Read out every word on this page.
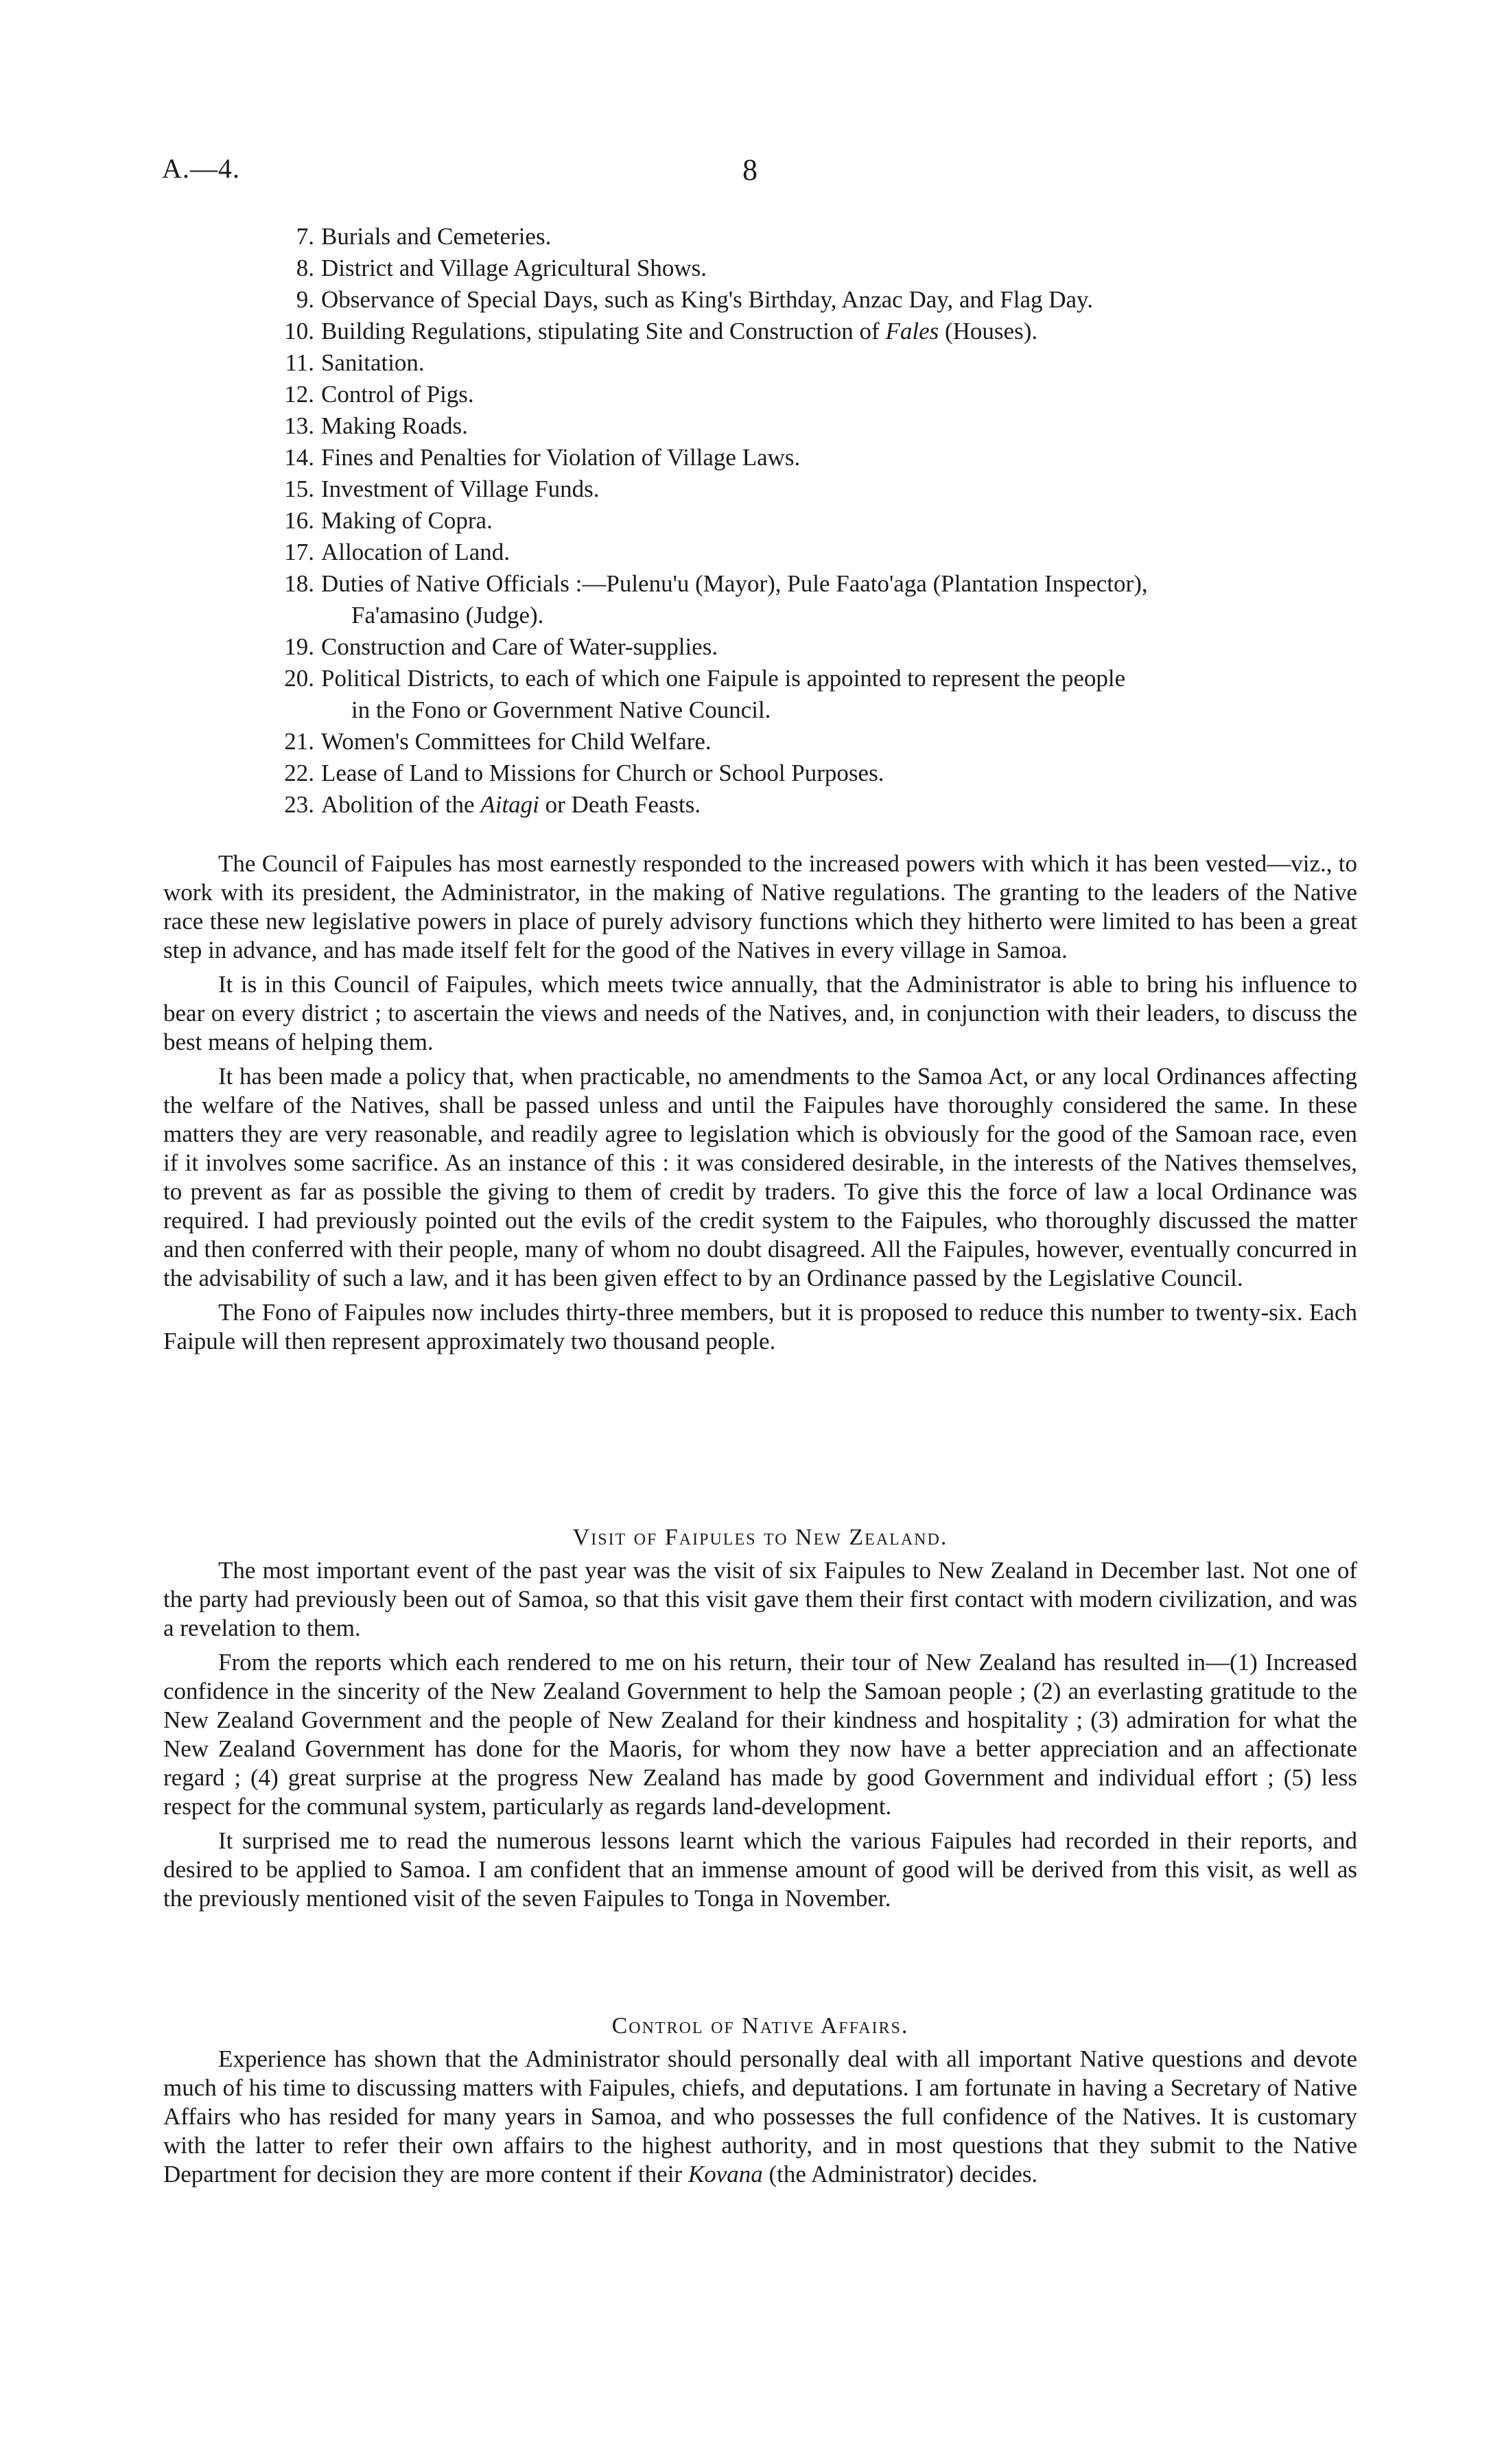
A.—4.	8
7. Burials and Cemeteries.
8. District and Village Agricultural Shows.
9. Observance of Special Days, such as King's Birthday, Anzac Day, and Flag Day.
10. Building Regulations, stipulating Site and Construction of Fales (Houses).
11. Sanitation.
12. Control of Pigs.
13. Making Roads.
14. Fines and Penalties for Violation of Village Laws.
15. Investment of Village Funds.
16. Making of Copra.
17. Allocation of Land.
18. Duties of Native Officials :—Pulenu'u (Mayor), Pule Faato'aga (Plantation Inspector),
Fa'amasino (Judge).
19. Construction and Care of Water-supplies.
20. Political Districts, to each of which one Faipule is appointed to represent the people
in the Fono or Government Native Council.
21. Women's Committees for Child Welfare.
22. Lease of Land to Missions for Church or School Purposes.
23. Abolition of the Aitagi or Death Feasts.

The Council of Faipules has most earnestly responded to the increased powers with which it has been vested—viz., to work with its president, the Administrator, in the making of Native regulations. The granting to the leaders of the Native race these new legislative powers in place of purely advisory functions which they hitherto were limited to has been a great step in advance, and has made itself felt for the good of the Natives in every village in Samoa.

It is in this Council of Faipules, which meets twice annually, that the Administrator is able to bring his influence to bear on every district ; to ascertain the views and needs of the Natives, and, in conjunction with their leaders, to discuss the best means of helping them.

It has been made a policy that, when practicable, no amendments to the Samoa Act, or any local Ordinances affecting the welfare of the Natives, shall be passed unless and until the Faipules have thoroughly considered the same. In these matters they are very reasonable, and readily agree to legislation which is obviously for the good of the Samoan race, even if it involves some sacrifice. As an instance of this : it was considered desirable, in the interests of the Natives themselves, to prevent as far as possible the giving to them of credit by traders. To give this the force of law a local Ordinance was required. I had previously pointed out the evils of the credit system to the Faipules, who thoroughly discussed the matter and then conferred with their people, many of whom no doubt disagreed. All the Faipules, however, eventually concurred in the advisability of such a law, and it has been given effect to by an Ordinance passed by the Legislative Council.

The Fono of Faipules now includes thirty-three members, but it is proposed to reduce this number to twenty-six. Each Faipule will then represent approximately two thousand people.

Visit of Faipules to New Zealand.

The most important event of the past year was the visit of six Faipules to New Zealand in December last. Not one of the party had previously been out of Samoa, so that this visit gave them their first contact with modern civilization, and was a revelation to them.

From the reports which each rendered to me on his return, their tour of New Zealand has resulted in—(1) Increased confidence in the sincerity of the New Zealand Government to help the Samoan people ; (2) an everlasting gratitude to the New Zealand Government and the people of New Zealand for their kindness and hospitality ; (3) admiration for what the New Zealand Government has done for the Maoris, for whom they now have a better appreciation and an affectionate regard ; (4) great surprise at the progress New Zealand has made by good Government and individual effort ; (5) less respect for the communal system, particularly as regards land-development.

It surprised me to read the numerous lessons learnt which the various Faipules had recorded in their reports, and desired to be applied to Samoa. I am confident that an immense amount of good will be derived from this visit, as well as the previously mentioned visit of the seven Faipules to Tonga in November.

Control of Native Affairs.

Experience has shown that the Administrator should personally deal with all important Native questions and devote much of his time to discussing matters with Faipules, chiefs, and deputations. I am fortunate in having a Secretary of Native Affairs who has resided for many years in Samoa, and who possesses the full confidence of the Natives. It is customary with the latter to refer their own affairs to the highest authority, and in most questions that they submit to the Native Department for decision they are more content if their Kovana (the Administrator) decides.
